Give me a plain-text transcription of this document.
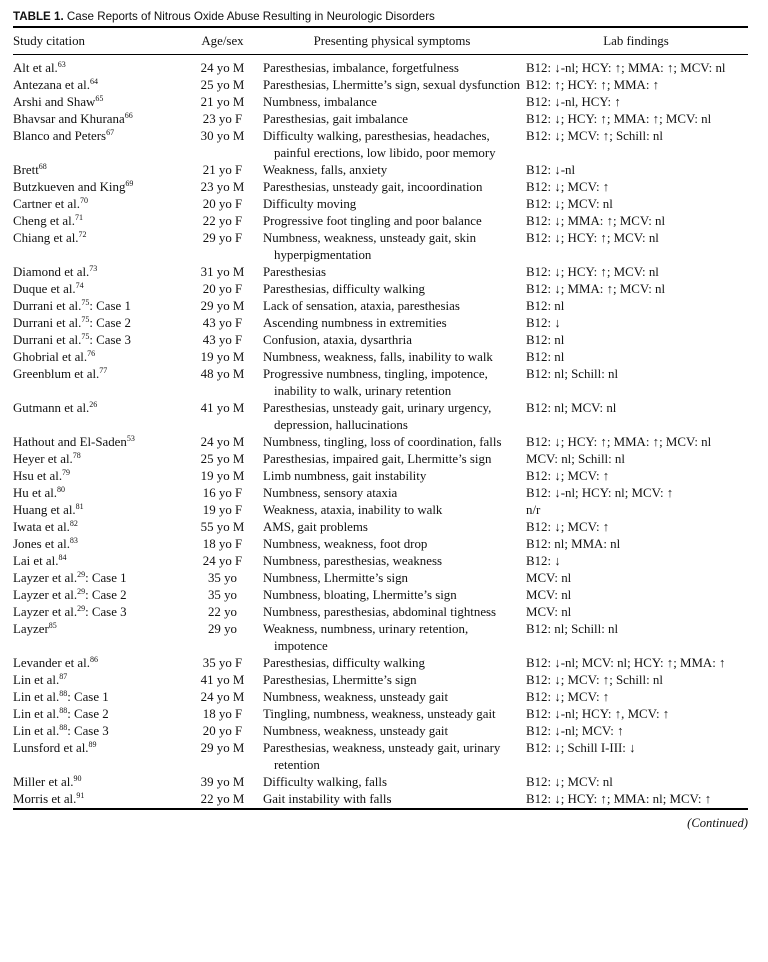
TABLE 1. Case Reports of Nitrous Oxide Abuse Resulting in Neurologic Disorders
Study citation	Age/sex	Presenting physical symptoms	Lab findings

Alt et al.$^{63}$	24 yo M	Paresthesias, imbalance, forgetfulness	B12: ↓-nl; HCY: ↑; MMA: ↑; MCV: nl
Antezana et al.$^{64}$	25 yo M	Paresthesias, Lhermitte’s sign, sexual dysfunction	B12: ↑; HCY: ↑; MMA: ↑
Arshi and Shaw$^{65}$	21 yo M	Numbness, imbalance	B12: ↓-nl, HCY: ↑
Bhavsar and Khurana$^{66}$	23 yo F	Paresthesias, gait imbalance	B12: ↓; HCY: ↑; MMA: ↑; MCV: nl
Blanco and Peters$^{67}$	30 yo M	Difficulty walking, paresthesias, headaches, painful erections, low libido, poor memory	B12: ↓; MCV: ↑; Schill: nl
Brett$^{68}$	21 yo F	Weakness, falls, anxiety	B12: ↓-nl
Butzkueven and King$^{69}$	23 yo M	Paresthesias, unsteady gait, incoordination	B12: ↓; MCV: ↑
Cartner et al.$^{70}$	20 yo F	Difficulty moving	B12: ↓; MCV: nl
Cheng et al.$^{71}$	22 yo F	Progressive foot tingling and poor balance	B12: ↓; MMA: ↑; MCV: nl
Chiang et al.$^{72}$	29 yo F	Numbness, weakness, unsteady gait, skin hyperpigmentation	B12: ↓; HCY: ↑; MCV: nl
Diamond et al.$^{73}$	31 yo M	Paresthesias	B12: ↓; HCY: ↑; MCV: nl
Duque et al.$^{74}$	20 yo F	Paresthesias, difficulty walking	B12: ↓; MMA: ↑; MCV: nl
Durrani et al.$^{75}$: Case 1	29 yo M	Lack of sensation, ataxia, paresthesias	B12: nl
Durrani et al.$^{75}$: Case 2	43 yo F	Ascending numbness in extremities	B12: ↓
Durrani et al.$^{75}$: Case 3	43 yo F	Confusion, ataxia, dysarthria	B12: nl
Ghobrial et al.$^{76}$	19 yo M	Numbness, weakness, falls, inability to walk	B12: nl
Greenblum et al.$^{77}$	48 yo M	Progressive numbness, tingling, impotence, inability to walk, urinary retention	B12: nl; Schill: nl
Gutmann et al.$^{26}$	41 yo M	Paresthesias, unsteady gait, urinary urgency, depression, hallucinations	B12: nl; MCV: nl
Hathout and El-Saden$^{53}$	24 yo M	Numbness, tingling, loss of coordination, falls	B12: ↓; HCY: ↑; MMA: ↑; MCV: nl
Heyer et al.$^{78}$	25 yo M	Paresthesias, impaired gait, Lhermitte’s sign	MCV: nl; Schill: nl
Hsu et al.$^{79}$	19 yo M	Limb numbness, gait instability	B12: ↓; MCV: ↑
Hu et al.$^{80}$	16 yo F	Numbness, sensory ataxia	B12: ↓-nl; HCY: nl; MCV: ↑
Huang et al.$^{81}$	19 yo F	Weakness, ataxia, inability to walk	n/r
Iwata et al.$^{82}$	55 yo M	AMS, gait problems	B12: ↓; MCV: ↑
Jones et al.$^{83}$	18 yo F	Numbness, weakness, foot drop	B12: nl; MMA: nl
Lai et al.$^{84}$	24 yo F	Numbness, paresthesias, weakness	B12: ↓
Layzer et al.$^{29}$: Case 1	35 yo	Numbness, Lhermitte’s sign	MCV: nl
Layzer et al.$^{29}$: Case 2	35 yo	Numbness, bloating, Lhermitte’s sign	MCV: nl
Layzer et al.$^{29}$: Case 3	22 yo	Numbness, paresthesias, abdominal tightness	MCV: nl
Layzer$^{85}$	29 yo	Weakness, numbness, urinary retention, impotence	B12: nl; Schill: nl
Levander et al.$^{86}$	35 yo F	Paresthesias, difficulty walking	B12: ↓-nl; MCV: nl; HCY: ↑; MMA: ↑
Lin et al.$^{87}$	41 yo M	Paresthesias, Lhermitte’s sign	B12: ↓; MCV: ↑; Schill: nl
Lin et al.$^{88}$: Case 1	24 yo M	Numbness, weakness, unsteady gait	B12: ↓; MCV: ↑
Lin et al.$^{88}$: Case 2	18 yo F	Tingling, numbness, weakness, unsteady gait	B12: ↓-nl; HCY: ↑, MCV: ↑
Lin et al.$^{88}$: Case 3	20 yo F	Numbness, weakness, unsteady gait	B12: ↓-nl; MCV: ↑
Lunsford et al.$^{89}$	29 yo M	Paresthesias, weakness, unsteady gait, urinary retention	B12: ↓; Schill I-III: ↓
Miller et al.$^{90}$	39 yo M	Difficulty walking, falls	B12: ↓; MCV: nl
Morris et al.$^{91}$	22 yo M	Gait instability with falls	B12: ↓; HCY: ↑; MMA: nl; MCV: ↑
(Continued)
